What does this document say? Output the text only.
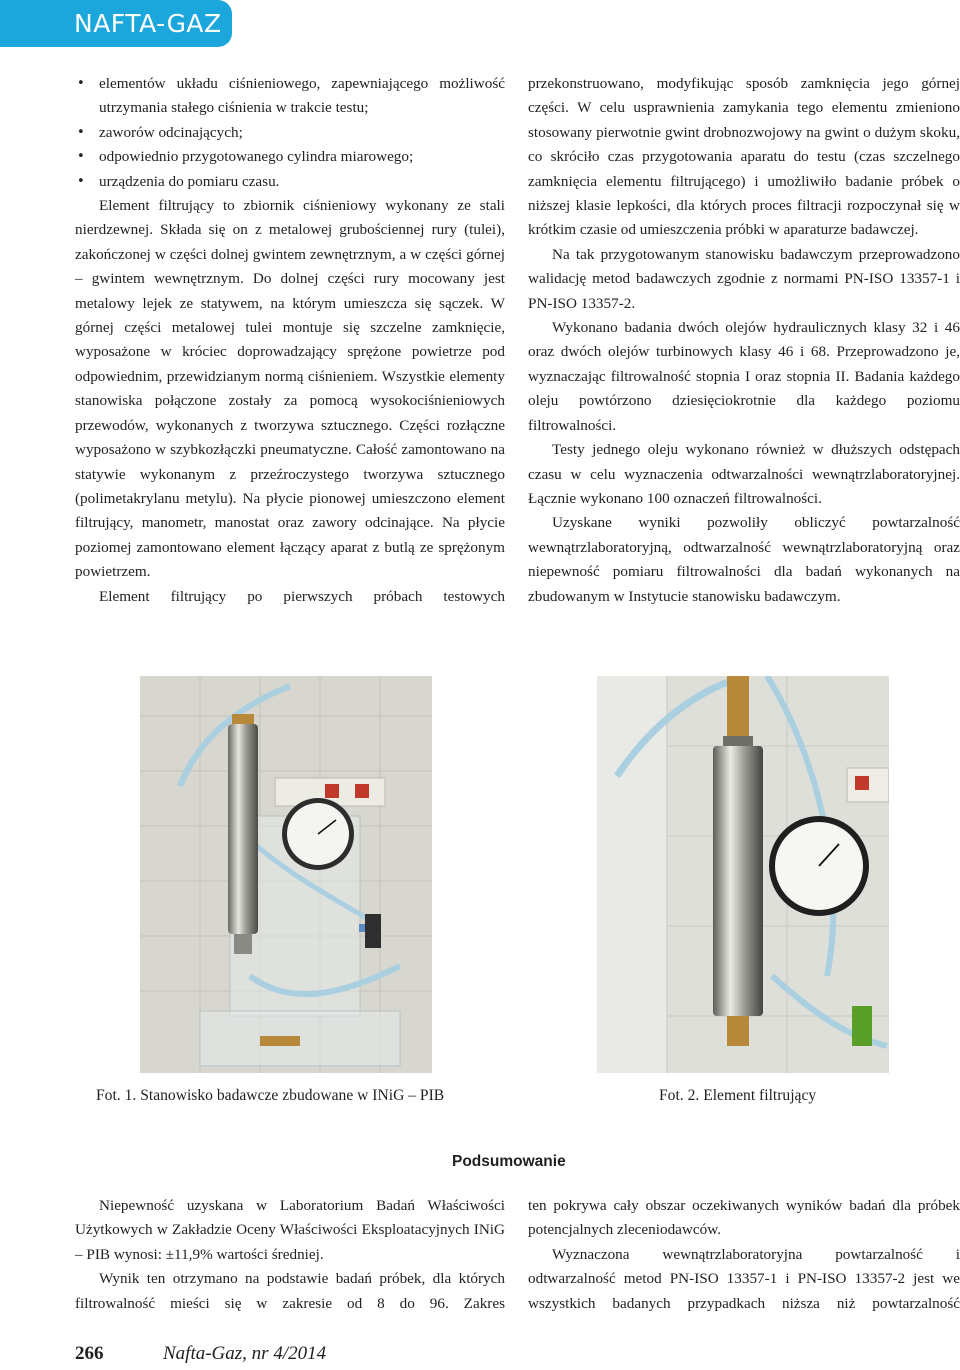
NAFTA-GAZ
• elementów układu ciśnieniowego, zapewniającego możliwość utrzymania stałego ciśnienia w trakcie testu;
• zaworów odcinających;
• odpowiednio przygotowanego cylindra miarowego;
• urządzenia do pomiaru czasu.

Element filtrujący to zbiornik ciśnieniowy wykonany ze stali nierdzewnej. Składa się on z metalowej grubościennej rury (tulei), zakończonej w części dolnej gwintem zewnętrznym, a w części górnej – gwintem wewnętrznym. Do dolnej części rury mocowany jest metalowy lejek ze statywem, na którym umieszcza się sączek. W górnej części metalowej tulei montuje się szczelne zamknięcie, wyposażone w króciec doprowadzający sprężone powietrze pod odpowiednim, przewidzianym normą ciśnieniem. Wszystkie elementy stanowiska połączone zostały za pomocą wysokociśnieniowych przewodów, wykonanych z tworzywa sztucznego. Części rozłączne wyposażono w szybkozłączki pneumatyczne. Całość zamontowano na statywie wykonanym z przeźroczystego tworzywa sztucznego (polimetakrylanu metylu). Na płycie pionowej umieszczono element filtrujący, manometr, manostat oraz zawory odcinające. Na płycie poziomej zamontowano element łączący aparat z butlą ze sprężonym powietrzem.

Element filtrujący po pierwszych próbach testowych

przekonstruowano, modyfikując sposób zamknięcia jego górnej części. W celu usprawnienia zamykania tego elementu zmieniono stosowany pierwotnie gwint drobnozwojowy na gwint o dużym skoku, co skróciło czas przygotowania aparatu do testu (czas szczelnego zamknięcia elementu filtrującego) i umożliwiło badanie próbek o niższej klasie lepkości, dla których proces filtracji rozpoczynał się w krótkim czasie od umieszczenia próbki w aparaturze badawczej.

Na tak przygotowanym stanowisku badawczym przeprowadzono walidację metod badawczych zgodnie z normami PN-ISO 13357-1 i PN-ISO 13357-2.

Wykonano badania dwóch olejów hydraulicznych klasy 32 i 46 oraz dwóch olejów turbinowych klasy 46 i 68. Przeprowadzono je, wyznaczając filtrowalność stopnia I oraz stopnia II. Badania każdego oleju powtórzono dziesięciokrotnie dla każdego poziomu filtrowalności.

Testy jednego oleju wykonano również w dłuższych odstępach czasu w celu wyznaczenia odtwarzalności wewnątrzlaboratoryjnej. Łącznie wykonano 100 oznaczeń filtrowalności.

Uzyskane wyniki pozwoliły obliczyć powtarzalność wewnątrzlaboratoryjną, odtwarzalność wewnątrzlaboratoryjną oraz niepewność pomiaru filtrowalności dla badań wykonanych na zbudowanym w Instytucie stanowisku badawczym.

Fot. 1. Stanowisko badawcze zbudowane w INiG – PIB	Fot. 2. Element filtrujący
Podsumowanie

Niepewność uzyskana w Laboratorium Badań Właściwości Użytkowych w Zakładzie Oceny Właściwości Eksploatacyjnych INiG – PIB wynosi: ±11,9% wartości średniej.

Wynik ten otrzymano na podstawie badań próbek, dla których filtrowalność mieści się w zakresie od 8 do 96. Zakres

ten pokrywa cały obszar oczekiwanych wyników badań dla próbek potencjalnych zleceniodawców.

Wyznaczona wewnątrzlaboratoryjna powtarzalność i odtwarzalność metod PN-ISO 13357-1 i PN-ISO 13357-2 jest we wszystkich badanych przypadkach niższa niż powtarzalność

266	Nafta-Gaz, nr 4/2014
